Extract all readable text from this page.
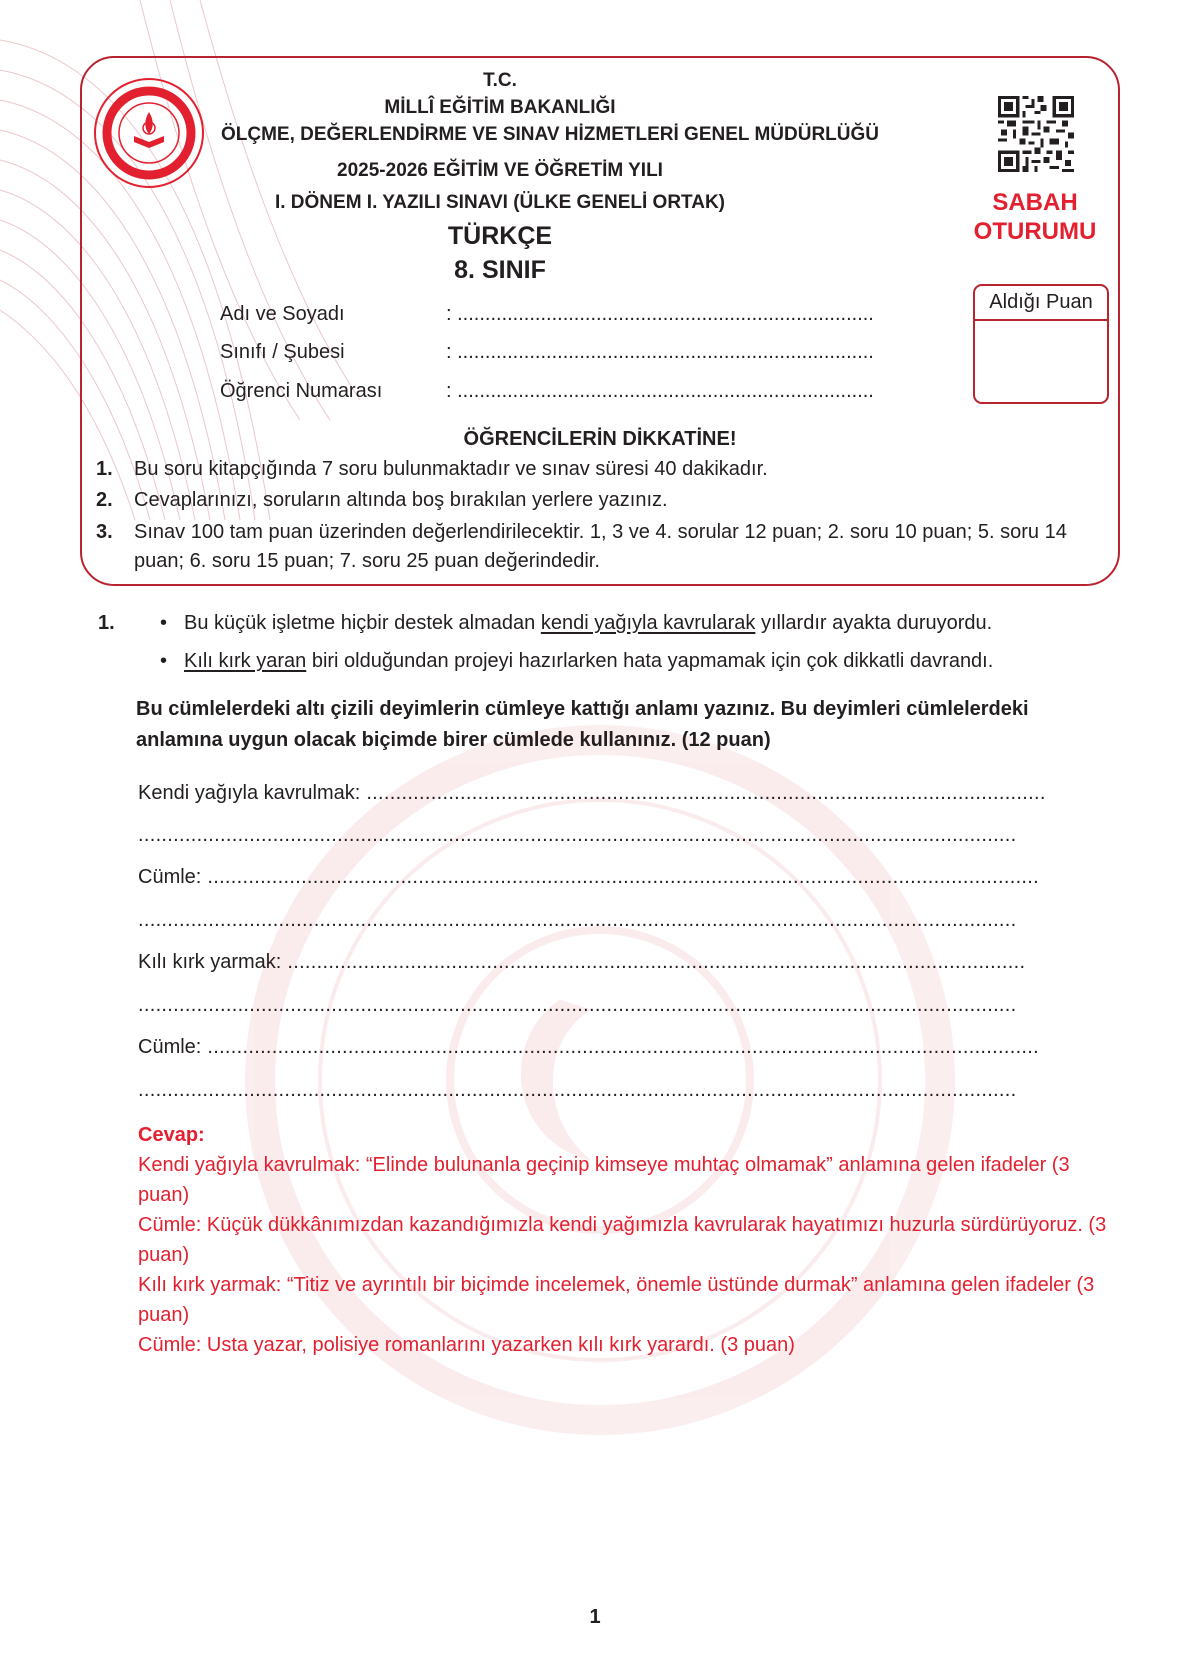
T.C.
MİLLÎ EĞİTİM BAKANLIĞI
ÖLÇME, DEĞERLENDİRME VE SINAV HİZMETLERİ GENEL MÜDÜRLÜĞÜ
2025-2026 EĞİTİM VE ÖĞRETİM YILI
I. DÖNEM I. YAZILI SINAVI (ÜLKE GENELİ ORTAK)
TÜRKÇE
8. SINIF
SABAH
OTURUMU
Aldığı Puan
Adı ve Soyadı	: ...........................................................................
Sınıfı / Şubesi	: ...........................................................................
Öğrenci Numarası	: ...........................................................................
ÖĞRENCİLERİN DİKKATİNE!
1. Bu soru kitapçığında 7 soru bulunmaktadır ve sınav süresi 40 dakikadır.
2. Cevaplarınızı, soruların altında boş bırakılan yerlere yazınız.
3. Sınav 100 tam puan üzerinden değerlendirilecektir. 1, 3 ve 4. sorular 12 puan; 2. soru 10 puan; 5. soru 14 puan; 6. soru 15 puan; 7. soru 25 puan değerindedir.
1. • Bu küçük işletme hiçbir destek almadan kendi yağıyla kavrularak yıllardır ayakta duruyordu.
• Kılı kırk yaran biri olduğundan projeyi hazırlarken hata yapmamak için çok dikkatli davrandı.
Bu cümlelerdeki altı çizili deyimlerin cümleye kattığı anlamı yazınız. Bu deyimleri cümlelerdeki anlamına uygun olacak biçimde birer cümlede kullanınız. (12 puan)
Kendi yağıyla kavrulmak: ....................................................................................................................
......................................................................................................................................................
Cümle: ..............................................................................................................................................
......................................................................................................................................................
Kılı kırk yarmak: ..............................................................................................................................
......................................................................................................................................................
Cümle: ..............................................................................................................................................
......................................................................................................................................................
Cevap:
Kendi yağıyla kavrulmak: “Elinde bulunanla geçinip kimseye muhtaç olmamak” anlamına gelen ifadeler (3 puan)
Cümle: Küçük dükkânımızdan kazandığımızla kendi yağımızla kavrularak hayatımızı huzurla sürdürüyoruz. (3 puan)
Kılı kırk yarmak: “Titiz ve ayrıntılı bir biçimde incelemek, önemle üstünde durmak” anlamına gelen ifadeler (3 puan)
Cümle: Usta yazar, polisiye romanlarını yazarken kılı kırk yarardı. (3 puan)
1
